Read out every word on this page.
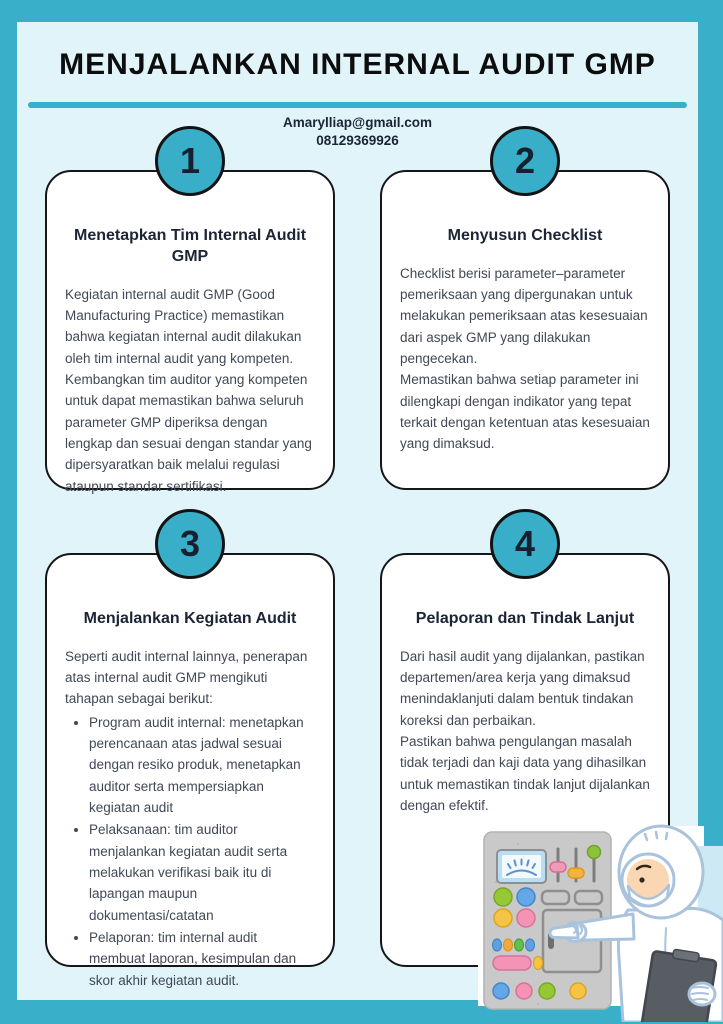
MENJALANKAN INTERNAL AUDIT GMP
Amarylliap@gmail.com
08129369926
1
Menetapkan Tim Internal Audit GMP

Kegiatan internal audit GMP (Good Manufacturing Practice) memastikan bahwa kegiatan internal audit dilakukan oleh tim internal audit yang kompeten. Kembangkan tim auditor yang kompeten untuk dapat memastikan bahwa seluruh parameter GMP diperiksa dengan lengkap dan sesuai dengan standar yang dipersyaratkan baik melalui regulasi ataupun standar sertifikasi.

2
Menyusun Checklist

Checklist berisi parameter–parameter pemeriksaan yang dipergunakan untuk melakukan pemeriksaan atas kesesuaian dari aspek GMP yang dilakukan pengecekan.

Memastikan bahwa setiap parameter ini dilengkapi dengan indikator yang tepat terkait dengan ketentuan atas kesesuaian yang dimaksud.

3
Menjalankan Kegiatan Audit

Seperti audit internal lainnya, penerapan atas internal audit GMP mengikuti tahapan sebagai berikut:

• Program audit internal: menetapkan perencanaan atas jadwal sesuai dengan resiko produk, menetapkan auditor serta mempersiapkan kegiatan audit
• Pelaksanaan: tim auditor menjalankan kegiatan audit serta melakukan verifikasi baik itu di lapangan maupun dokumentasi/catatan
• Pelaporan: tim internal audit membuat laporan, kesimpulan dan skor akhir kegiatan audit.
4
Pelaporan dan Tindak Lanjut

Dari hasil audit yang dijalankan, pastikan departemen/area kerja yang dimaksud menindaklanjuti dalam bentuk tindakan koreksi dan perbaikan.

Pastikan bahwa pengulangan masalah tidak terjadi dan kaji data yang dihasilkan untuk memastikan tindak lanjut dijalankan dengan efektif.
